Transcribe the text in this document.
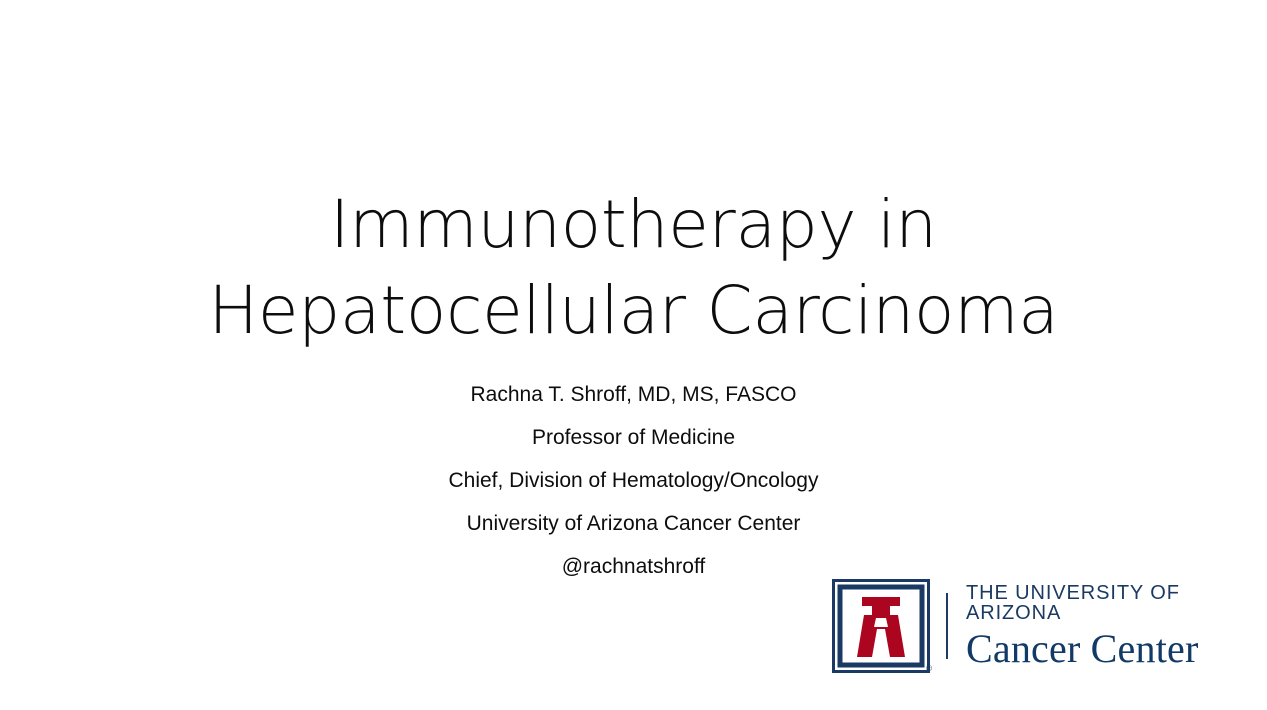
Immunotherapy in
Hepatocellular Carcinoma
Rachna T. Shroff, MD, MS, FASCO
Professor of Medicine
Chief, Division of Hematology/Oncology
University of Arizona Cancer Center
@rachnatshroff
®
THE UNIVERSITY OF ARIZONA
Cancer Center
